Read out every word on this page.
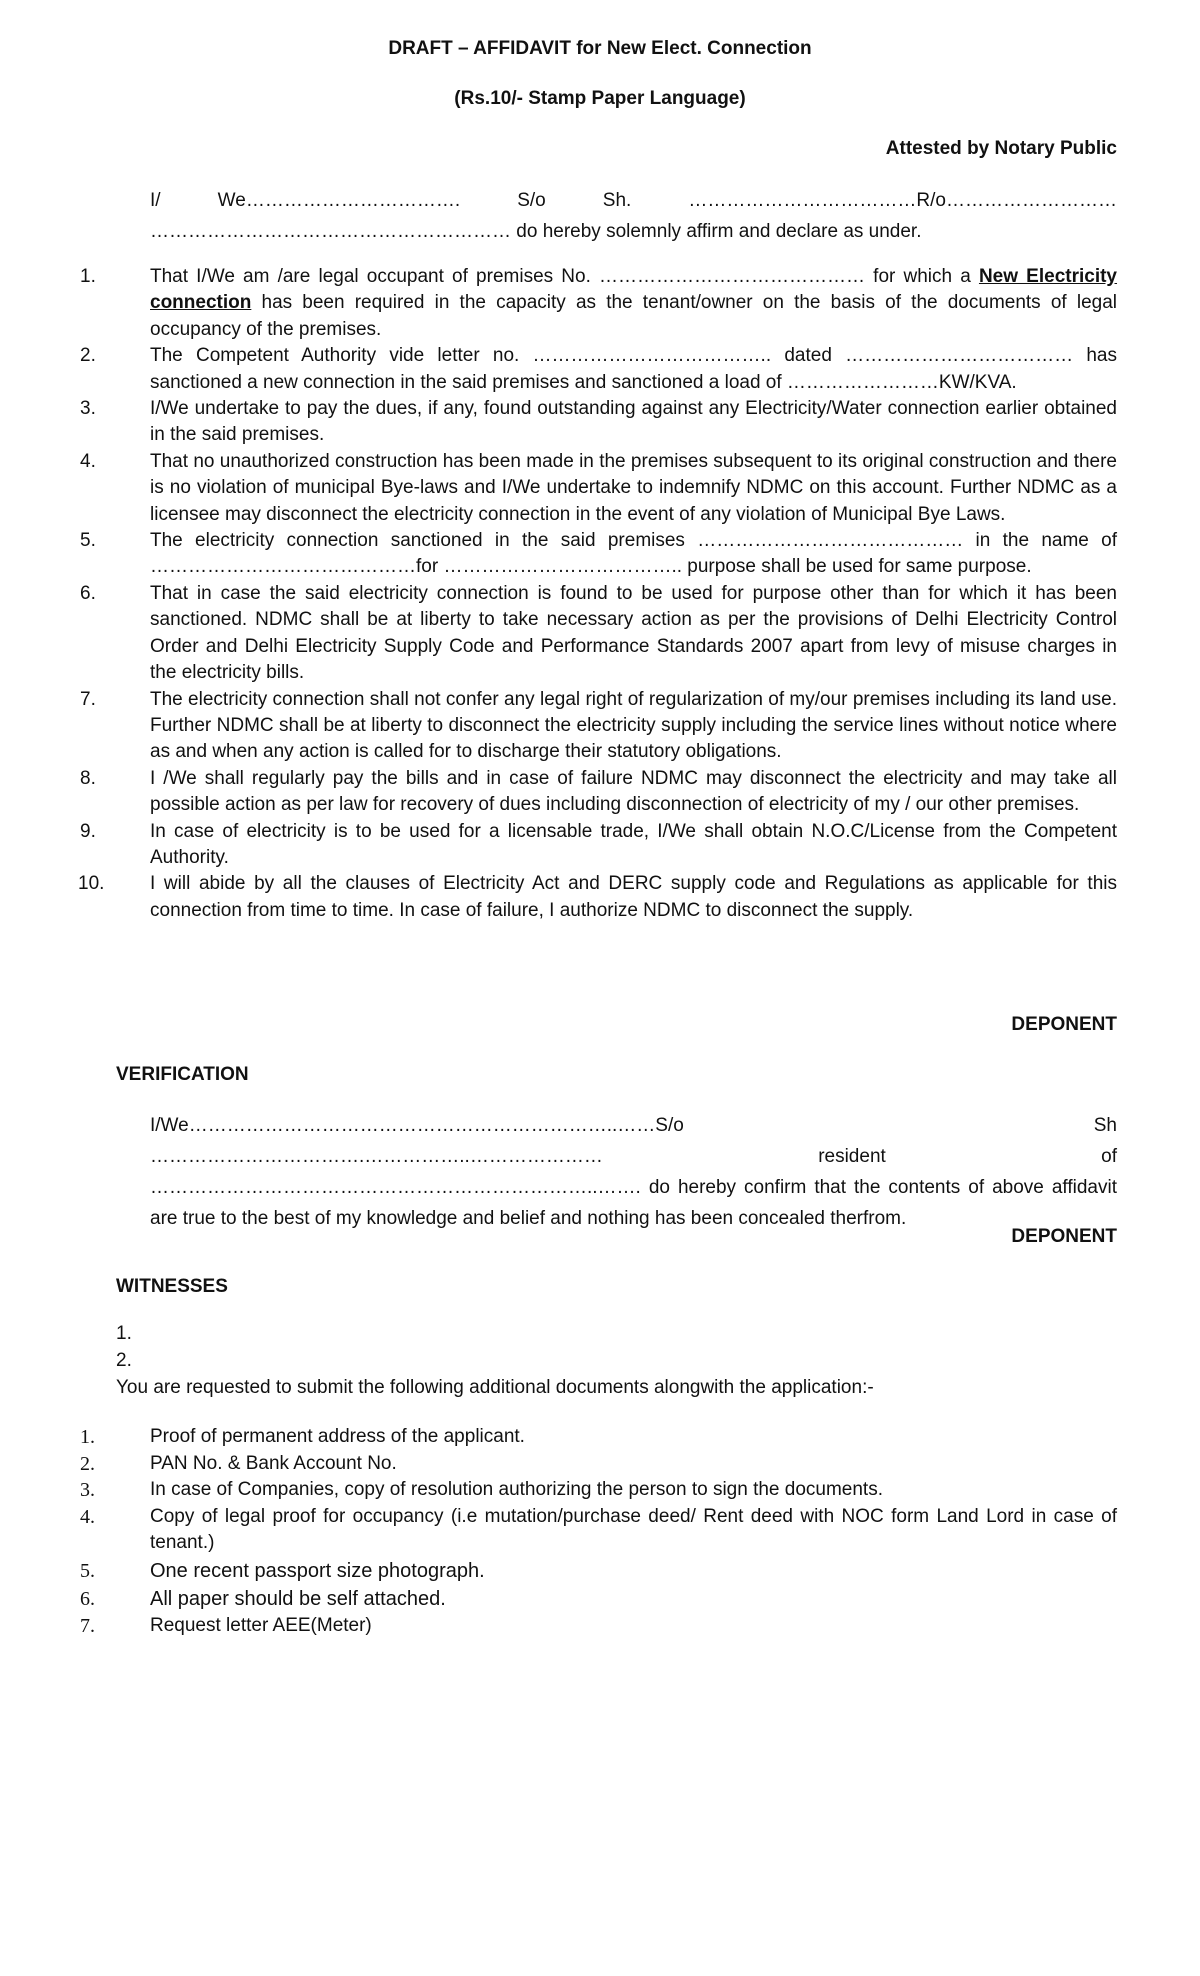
DRAFT – AFFIDAVIT for New Elect. Connection
(Rs.10/- Stamp Paper Language)
Attested by Notary Public
I/ We……………………………. S/o Sh. ………………………………R/o……………………… ………………………………………………… do hereby solemnly affirm and declare as under.
1.	That I/We am /are legal occupant of premises No. …………………………………… for which a New Electricity connection has been required in the capacity as the tenant/owner on the basis of the documents of legal occupancy of the premises.
2.	The Competent Authority vide letter no. ……………………………….. dated ……………………………… has sanctioned a new connection in the said premises and sanctioned a load of ……………………KW/KVA.
3.	I/We undertake to pay the dues, if any, found outstanding against any Electricity/Water connection earlier obtained in the said premises.
4.	That no unauthorized construction has been made in the premises subsequent to its original construction and there is no violation of municipal Bye-laws and I/We undertake to indemnify NDMC on this account. Further NDMC as a licensee may disconnect the electricity connection in the event of any violation of Municipal Bye Laws.
5.	The electricity connection sanctioned in the said premises …………………………………… in the name of ……………………………………for ……………………………….. purpose shall be used for same purpose.
6.	That in case the said electricity connection is found to be used for purpose other than for which it has been sanctioned. NDMC shall be at liberty to take necessary action as per the provisions of Delhi Electricity Control Order and Delhi Electricity Supply Code and Performance Standards 2007 apart from levy of misuse charges in the electricity bills.
7.	The electricity connection shall not confer any legal right of regularization of my/our premises including its land use. Further NDMC shall be at liberty to disconnect the electricity supply including the service lines without notice where as and when any action is called for to discharge their statutory obligations.
8.	I /We shall regularly pay the bills and in case of failure NDMC may disconnect the electricity and may take all possible action as per law for recovery of dues including disconnection of electricity of my / our other premises.
9.	In case of electricity is to be used for a licensable trade, I/We shall obtain N.O.C/License from the Competent Authority.
10. I will abide by all the clauses of Electricity Act and DERC supply code and Regulations as applicable for this connection from time to time. In case of failure, I authorize NDMC to disconnect the supply.
DEPONENT
VERIFICATION
I/We…………………………………………………………..……S/o Sh …………………………….……………..………………… resident of ……………………………………………………………..……. do hereby confirm that the contents of above affidavit are true to the best of my knowledge and belief and nothing has been concealed therfrom.
DEPONENT
WITNESSES
1.
2.
You are requested to submit the following additional documents alongwith the application:-
1.	Proof of permanent address of the applicant.
2.	PAN No. & Bank Account No.
3.	In case of Companies, copy of resolution authorizing the person to sign the documents.
4.	Copy of legal proof for occupancy (i.e mutation/purchase deed/ Rent deed with NOC form Land Lord in case of tenant.)
5.	One recent passport size photograph.
6.	All paper should be self attached.
7.	Request letter AEE(Meter)
